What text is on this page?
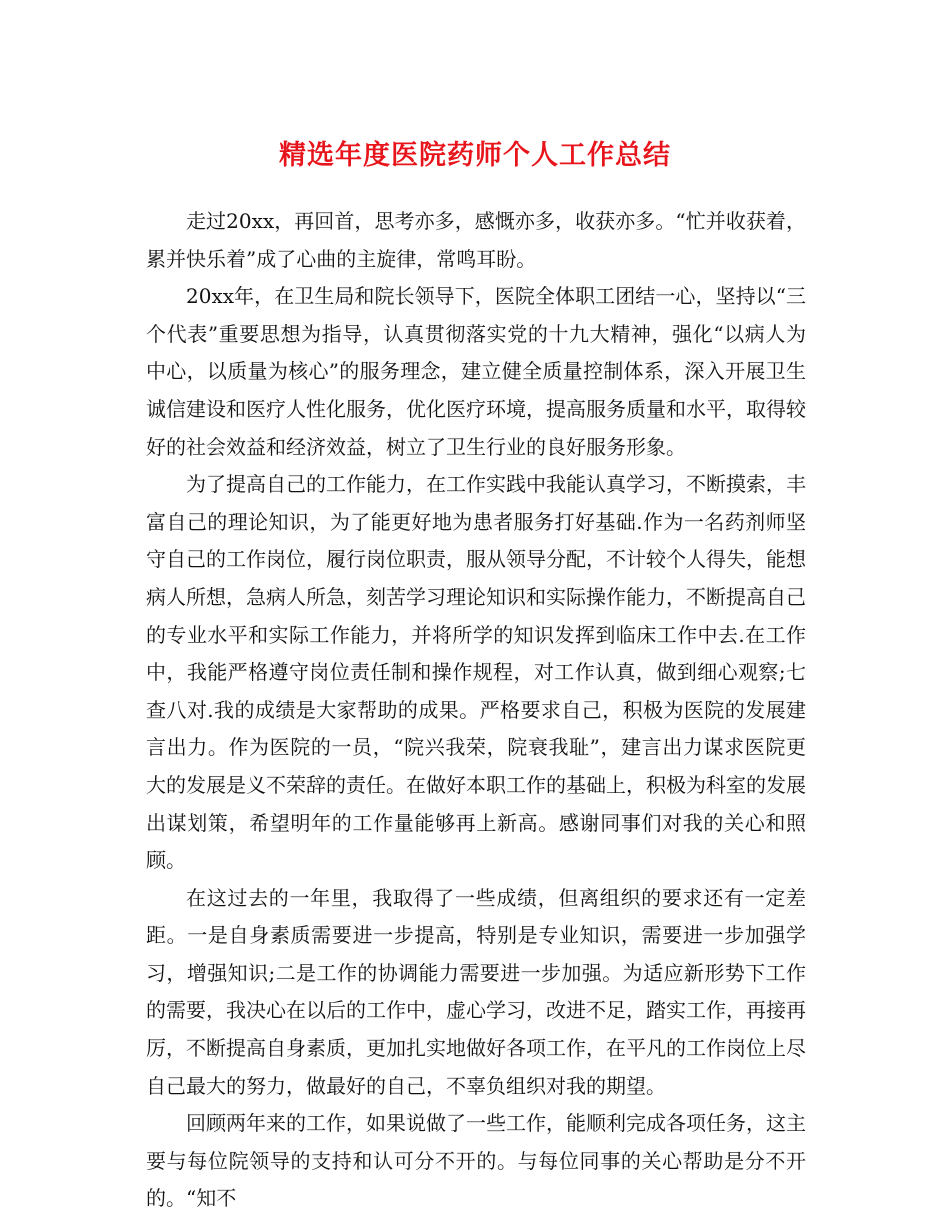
精选年度医院药师个人工作总结

走过20xx，再回首，思考亦多，感慨亦多，收获亦多。“忙并收获着，累并快乐着”成了心曲的主旋律，常鸣耳盼。

20xx年，在卫生局和院长领导下，医院全体职工团结一心，坚持以“三个代表”重要思想为指导，认真贯彻落实党的十九大精神，强化“以病人为中心，以质量为核心”的服务理念，建立健全质量控制体系，深入开展卫生诚信建设和医疗人性化服务，优化医疗环境，提高服务质量和水平，取得较好的社会效益和经济效益，树立了卫生行业的良好服务形象。

为了提高自己的工作能力，在工作实践中我能认真学习，不断摸索，丰富自己的理论知识，为了能更好地为患者服务打好基础.作为一名药剂师坚守自己的工作岗位，履行岗位职责，服从领导分配，不计较个人得失，能想病人所想，急病人所急，刻苦学习理论知识和实际操作能力，不断提高自己的专业水平和实际工作能力，并将所学的知识发挥到临床工作中去.在工作中，我能严格遵守岗位责任制和操作规程，对工作认真，做到细心观察;七查八对.我的成绩是大家帮助的成果。严格要求自己，积极为医院的发展建言出力。作为医院的一员，“院兴我荣，院衰我耻”，建言出力谋求医院更大的发展是义不荣辞的责任。在做好本职工作的基础上，积极为科室的发展出谋划策，希望明年的工作量能够再上新高。感谢同事们对我的关心和照顾。

在这过去的一年里，我取得了一些成绩，但离组织的要求还有一定差距。一是自身素质需要进一步提高，特别是专业知识，需要进一步加强学习，增强知识;二是工作的协调能力需要进一步加强。为适应新形势下工作的需要，我决心在以后的工作中，虚心学习，改进不足，踏实工作，再接再厉，不断提高自身素质，更加扎实地做好各项工作，在平凡的工作岗位上尽自己最大的努力，做最好的自己，不辜负组织对我的期望。

回顾两年来的工作，如果说做了一些工作，能顺利完成各项任务，这主要与每位院领导的支持和认可分不开的。与每位同事的关心帮助是分不开的。“知不
